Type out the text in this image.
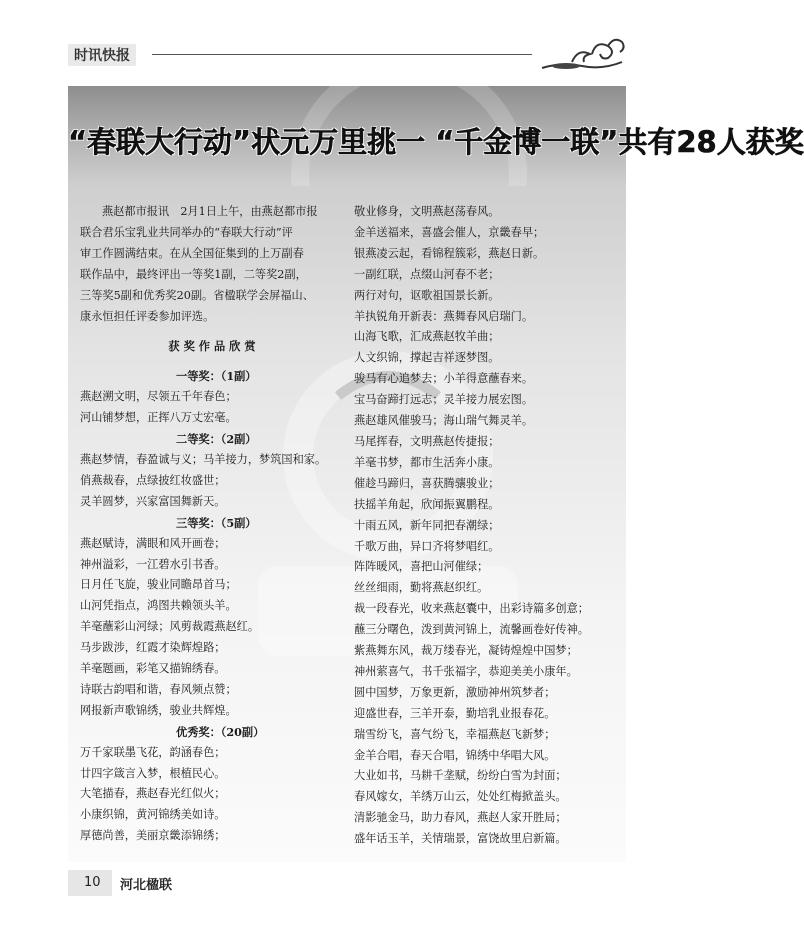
时讯快报
“春联大行动”状元万里挑一 “千金博一联”共有28人获奖

燕赵都市报讯　2月1日上午，由燕赵都市报

联合君乐宝乳业共同举办的“春联大行动”评

审工作圆满结束。在从全国征集到的上万副春

联作品中，最终评出一等奖1副，二等奖2副，

三等奖5副和优秀奖20副。省楹联学会屏福山、

康永恒担任评委参加评选。

获奖作品欣赏

一等奖：（1副）

燕赵溯文明，尽领五千年春色；

河山铺梦想，正挥八万丈宏毫。

二等奖：（2副）

燕赵梦情，春盈诚与义；马羊接力，梦筑国和家。

俏燕裁春，点绿披红妆盛世；

灵羊圆梦，兴家富国舞新天。

三等奖：（5副）

燕赵赋诗，满眼和风开画卷；

神州溢彩，一江碧水引书香。

日月任飞旋，骏业同瞻昂首马；

山河凭指点，鸿图共赖领头羊。

羊毫蘸彩山河绿；风剪裁霞燕赵红。

马步跋涉，红霞才染辉煌路；

羊毫题画，彩笔又描锦绣春。

诗联古韵唱和谐，春风频点赞；

网报新声歌锦绣，骏业共辉煌。

优秀奖：（20副）

万千家联墨飞花，韵涵春色；

廿四字箴言入梦，根植民心。

大笔描春，燕赵春光红似火；

小康织锦，黄河锦绣美如诗。

厚德尚善，美丽京畿添锦绣；

敬业修身，文明燕赵荡春风。

金羊送福来，喜盛会催人，京畿春早；

银燕凌云起，看锦程簇彩，燕赵日新。

一副红联，点缀山河春不老；

两行对句，讴歌祖国景长新。

羊执锐角开新表：燕舞春风启瑞门。

山海飞歌，汇成燕赵牧羊曲；

人文织锦，撑起吉祥逐梦图。

骏马有心追梦去；小羊得意蘸春来。

宝马奋蹄打远志；灵羊接力展宏图。

燕赵雄风催骏马；海山瑞气舞灵羊。

马尾挥春，文明燕赵传捷报；

羊毫书梦，都市生活奔小康。

催趁马蹄归，喜获腾骧骏业；

扶摇羊角起，欣闻振翼鹏程。

十雨五风，新年同把春潮绿；

千歌万曲，异口齐将梦唱红。

阵阵暖风，喜把山河催绿；

丝丝细雨，勤将燕赵织红。

裁一段春光，收来燕赵囊中，出彩诗篇多创意；

蘸三分曙色，泼到黄河锦上，流馨画卷好传神。

紫燕舞东风，裁万缕春光，凝铸煌煌中国梦；

神州萦喜气，书千张福字，恭迎美美小康年。

圆中国梦，万象更新，激励神州筑梦者；

迎盛世春，三羊开泰，勤培乳业报春花。

瑞雪纷飞，喜气纷飞，幸福燕赵飞新梦；

金羊合唱，春天合唱，锦绣中华唱大风。

大业如书，马耕千垄赋，纷纷白雪为封面；

春风嫁女，羊绣万山云，处处红梅掀盖头。

清影驰金马，助力春风，燕赵人家开胜局；

盛年话玉羊，关情瑞景，富饶故里启新篇。

10	河北楹联
